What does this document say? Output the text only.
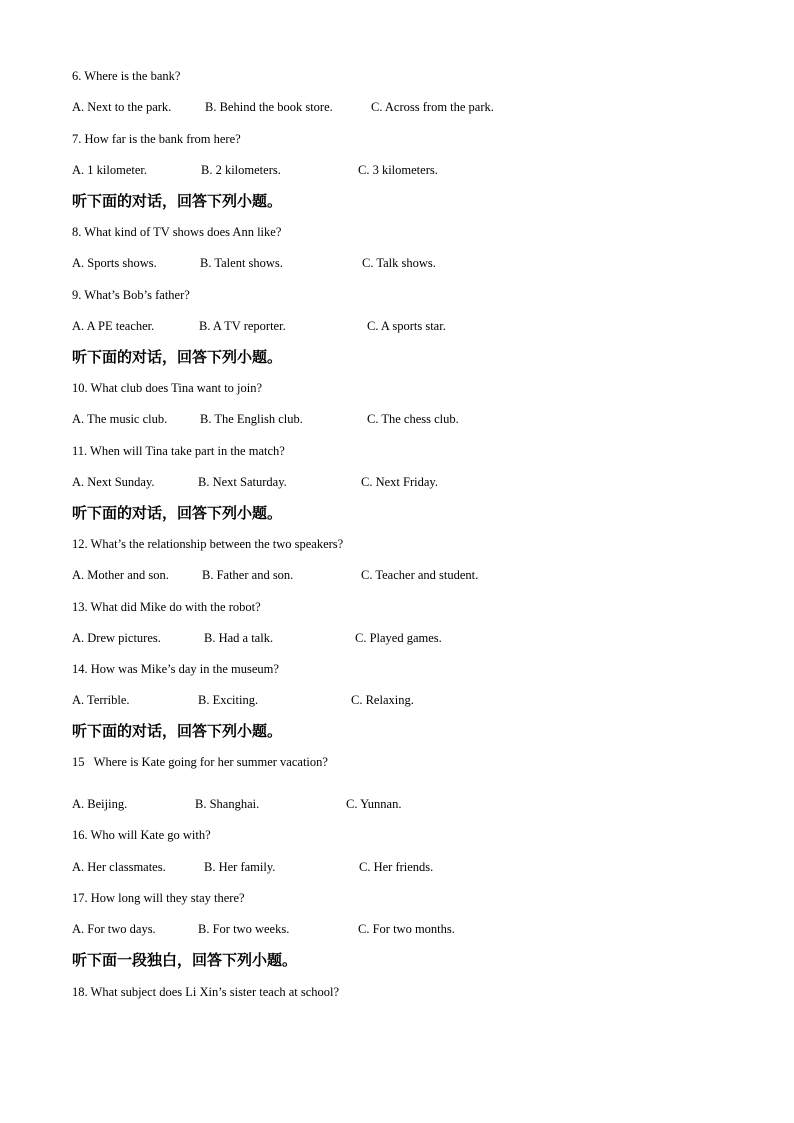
6. Where is the bank?
A. Next to the park.	B. Behind the book store.	C. Across from the park.
7. How far is the bank from here?
A. 1 kilometer.	B. 2 kilometers.	C. 3 kilometers.
听下面的对话，回答下列小题。
8. What kind of TV shows does Ann like?
A. Sports shows.	B. Talent shows.	C. Talk shows.
9. What’s Bob’s father?
A. A PE teacher.	B. A TV reporter.	C. A sports star.
听下面的对话，回答下列小题。
10. What club does Tina want to join?
A. The music club.	B. The English club.	C. The chess club.
11. When will Tina take part in the match?
A. Next Sunday.	B. Next Saturday.	C. Next Friday.
听下面的对话，回答下列小题。
12. What’s the relationship between the two speakers?
A. Mother and son.	B. Father and son.	C. Teacher and student.
13. What did Mike do with the robot?
A. Drew pictures.	B. Had a talk.	C. Played games.
14. How was Mike’s day in the museum?
A. Terrible.	B. Exciting.	C. Relaxing.
听下面的对话，回答下列小题。
15   Where is Kate going for her summer vacation?
A. Beijing.	B. Shanghai.	C. Yunnan.
16. Who will Kate go with?
A. Her classmates.	B. Her family.	C. Her friends.
17. How long will they stay there?
A. For two days.	B. For two weeks.	C. For two months.
听下面一段独白，回答下列小题。
18. What subject does Li Xin’s sister teach at school?
